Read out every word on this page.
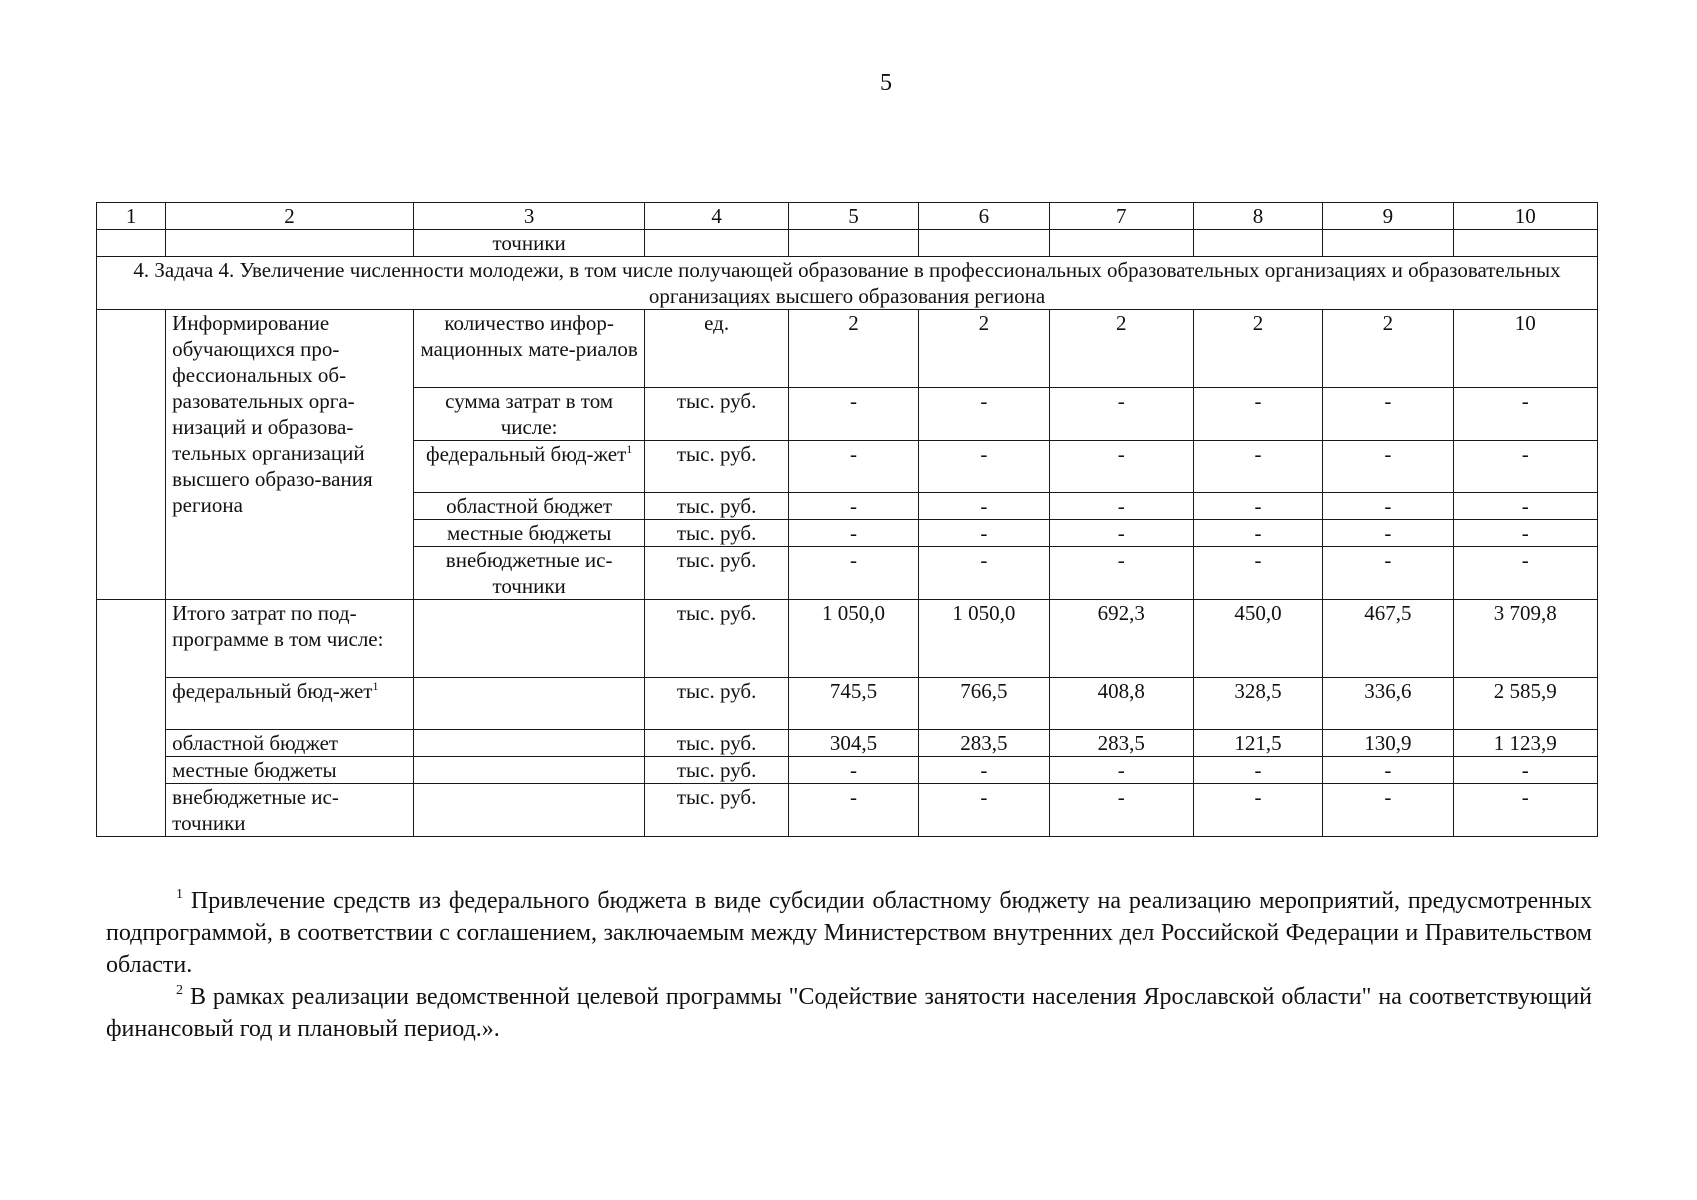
5
1	2	3	4	5	6	7	8	9	10
		точники							
4. Задача 4. Увеличение численности молодежи, в том числе получающей образование в профессиональных образовательных организациях и образовательных организациях высшего образования региона									
	Информирование обучающихся про-фессиональных об-разовательных орга-низаций и образова-тельных организаций высшего образо-вания региона	количество инфор-мационных мате-риалов	ед.	2	2	2	2	2	10
		сумма затрат в том числе:	тыс. руб.	-	-	-	-	-	-
		федеральный бюд-жет$^1$	тыс. руб.	-	-	-	-	-	-
		областной бюджет	тыс. руб.	-	-	-	-	-	-
		местные бюджеты	тыс. руб.	-	-	-	-	-	-
		внебюджетные ис-точники	тыс. руб.	-	-	-	-	-	-
	Итого затрат по под-программе в том числе:		тыс. руб.	1 050,0	1 050,0	692,3	450,0	467,5	3 709,8
	федеральный бюд-жет$^1$		тыс. руб.	745,5	766,5	408,8	328,5	336,6	2 585,9
	областной бюджет		тыс. руб.	304,5	283,5	283,5	121,5	130,9	1 123,9
	местные бюджеты		тыс. руб.	-	-	-	-	-	-
	внебюджетные ис-точники		тыс. руб.	-	-	-	-	-	-

$^1$ Привлечение средств из федерального бюджета в виде субсидии областному бюджету на реализацию мероприятий, предусмотренных подпрограммой, в соответствии с соглашением, заключаемым между Министерством внутренних дел Российской Федерации и Правительством области.

$^2$ В рамках реализации ведомственной целевой программы "Содействие занятости населения Ярославской области" на соответствующий финансовый год и плановый период.».
